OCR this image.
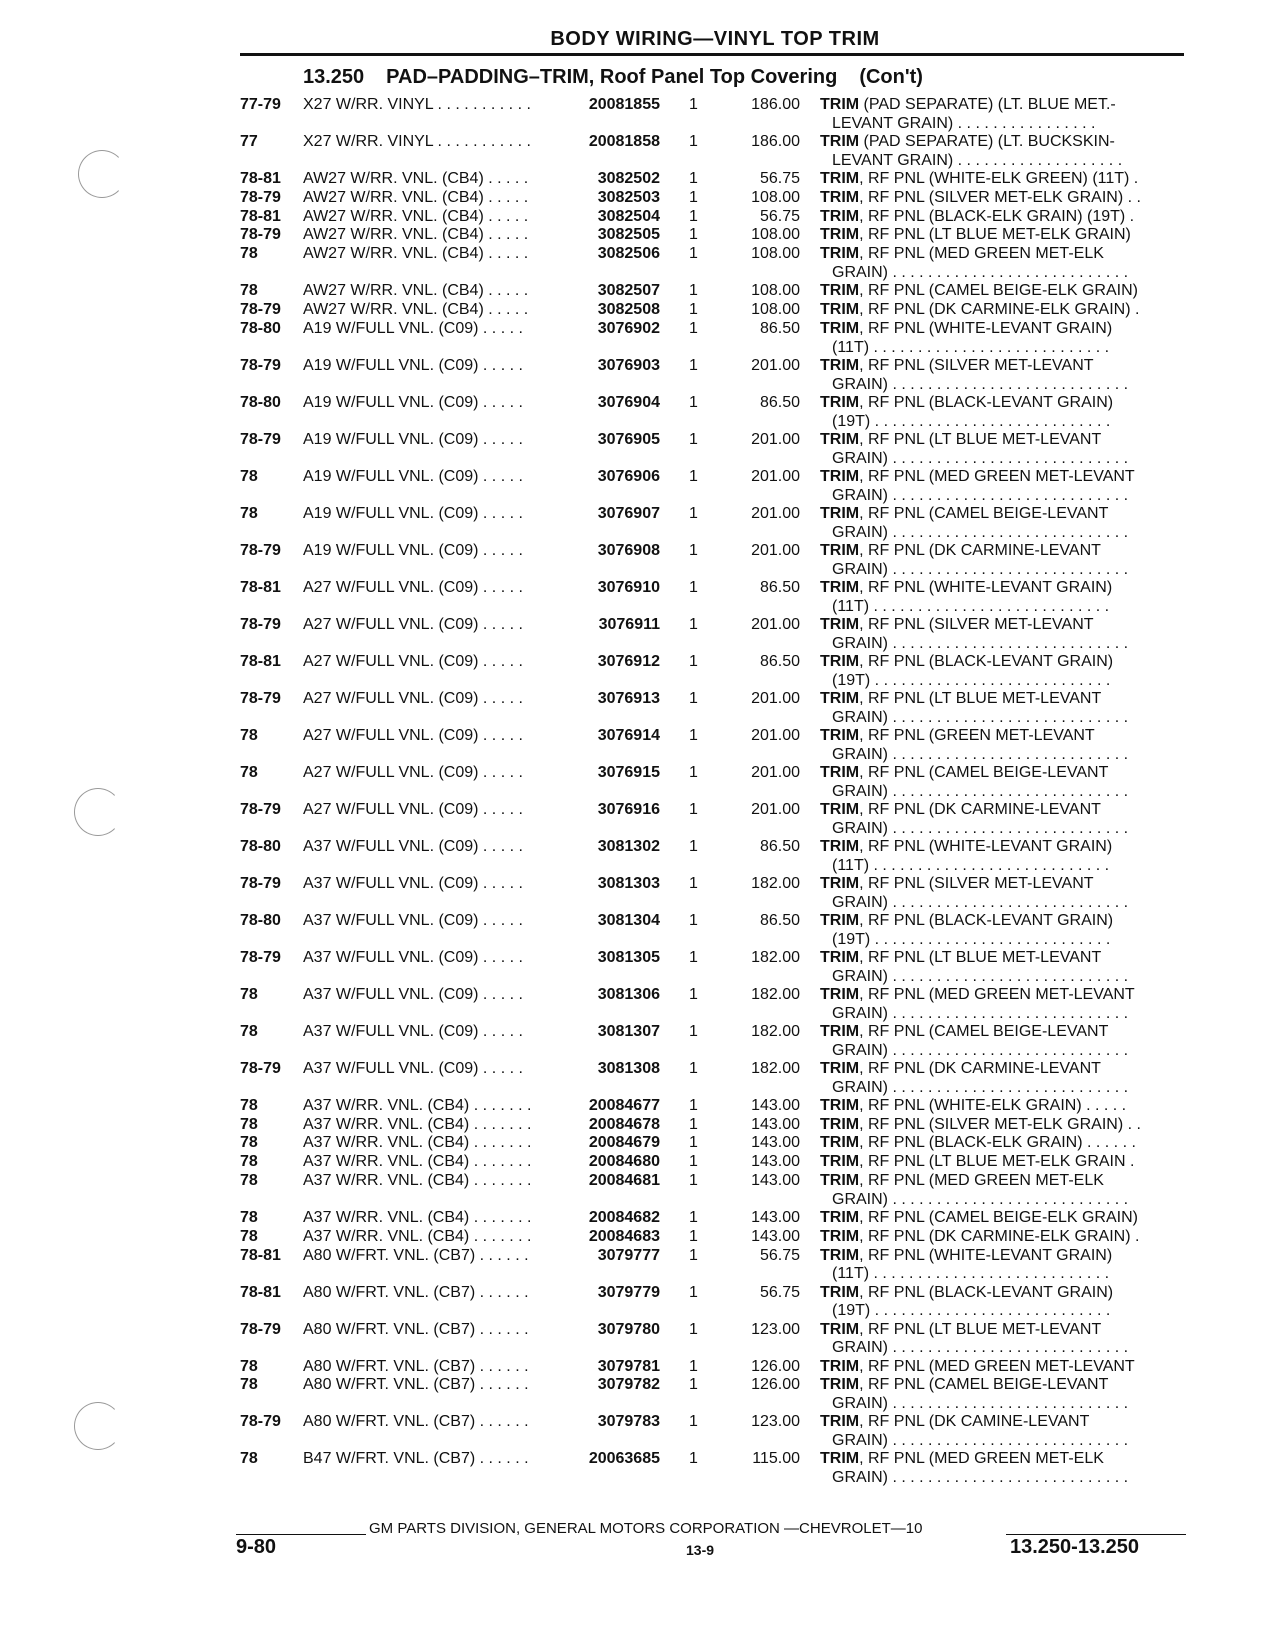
BODY WIRING—VINYL TOP TRIM
13.250 PAD–PADDING–TRIM, Roof Panel Top Covering (Con't)
77-79 X27 W/RR. VINYL . . . . . . . . . . .	20081855 1	186.00 TRIM (PAD SEPARATE) (LT. BLUE MET.-
LEVANT GRAIN) . . . . . . . . . . . . . . . .
77	X27 W/RR. VINYL . . . . . . . . . . .	20081858 1	186.00 TRIM (PAD SEPARATE) (LT. BUCKSKIN-
LEVANT GRAIN) . . . . . . . . . . . . . . . . . . .
78-81 AW27 W/RR. VNL. (CB4) . . . . .	3082502 1	56.75 TRIM, RF PNL (WHITE-ELK GREEN) (11T) .
78-79 AW27 W/RR. VNL. (CB4) . . . . .	3082503 1	108.00 TRIM, RF PNL (SILVER MET-ELK GRAIN) . .
78-81 AW27 W/RR. VNL. (CB4) . . . . .	3082504 1	56.75 TRIM, RF PNL (BLACK-ELK GRAIN) (19T) .
78-79 AW27 W/RR. VNL. (CB4) . . . . .	3082505 1	108.00 TRIM, RF PNL (LT BLUE MET-ELK GRAIN)
78	AW27 W/RR. VNL. (CB4) . . . . .	3082506 1	108.00 TRIM, RF PNL (MED GREEN MET-ELK
GRAIN) . . . . . . . . . . . . . . . . . . . . . . . . . . .
78	AW27 W/RR. VNL. (CB4) . . . . .	3082507 1	108.00 TRIM, RF PNL (CAMEL BEIGE-ELK GRAIN)
78-79 AW27 W/RR. VNL. (CB4) . . . . .	3082508 1	108.00 TRIM, RF PNL (DK CARMINE-ELK GRAIN) .
78-80 A19 W/FULL VNL. (C09) . . . . .	3076902 1	86.50 TRIM, RF PNL (WHITE-LEVANT GRAIN)
(11T) . . . . . . . . . . . . . . . . . . . . . . . . . . .
78-79 A19 W/FULL VNL. (C09) . . . . .	3076903 1	201.00 TRIM, RF PNL (SILVER MET-LEVANT
GRAIN) . . . . . . . . . . . . . . . . . . . . . . . . . . .
78-80 A19 W/FULL VNL. (C09) . . . . .	3076904 1	86.50 TRIM, RF PNL (BLACK-LEVANT GRAIN)
(19T) . . . . . . . . . . . . . . . . . . . . . . . . . . .
78-79 A19 W/FULL VNL. (C09) . . . . .	3076905 1	201.00 TRIM, RF PNL (LT BLUE MET-LEVANT
GRAIN) . . . . . . . . . . . . . . . . . . . . . . . . . . .
78	A19 W/FULL VNL. (C09) . . . . .	3076906 1	201.00 TRIM, RF PNL (MED GREEN MET-LEVANT
GRAIN) . . . . . . . . . . . . . . . . . . . . . . . . . . .
78	A19 W/FULL VNL. (C09) . . . . .	3076907 1	201.00 TRIM, RF PNL (CAMEL BEIGE-LEVANT
GRAIN) . . . . . . . . . . . . . . . . . . . . . . . . . . .
78-79 A19 W/FULL VNL. (C09) . . . . .	3076908 1	201.00 TRIM, RF PNL (DK CARMINE-LEVANT
GRAIN) . . . . . . . . . . . . . . . . . . . . . . . . . . .
78-81 A27 W/FULL VNL. (C09) . . . . .	3076910 1	86.50 TRIM, RF PNL (WHITE-LEVANT GRAIN)
(11T) . . . . . . . . . . . . . . . . . . . . . . . . . . .
78-79 A27 W/FULL VNL. (C09) . . . . .	3076911 1	201.00 TRIM, RF PNL (SILVER MET-LEVANT
GRAIN) . . . . . . . . . . . . . . . . . . . . . . . . . . .
78-81 A27 W/FULL VNL. (C09) . . . . .	3076912 1	86.50 TRIM, RF PNL (BLACK-LEVANT GRAIN)
(19T) . . . . . . . . . . . . . . . . . . . . . . . . . . .
78-79 A27 W/FULL VNL. (C09) . . . . .	3076913 1	201.00 TRIM, RF PNL (LT BLUE MET-LEVANT
GRAIN) . . . . . . . . . . . . . . . . . . . . . . . . . . .
78	A27 W/FULL VNL. (C09) . . . . .	3076914 1	201.00 TRIM, RF PNL (GREEN MET-LEVANT
GRAIN) . . . . . . . . . . . . . . . . . . . . . . . . . . .
78	A27 W/FULL VNL. (C09) . . . . .	3076915 1	201.00 TRIM, RF PNL (CAMEL BEIGE-LEVANT
GRAIN) . . . . . . . . . . . . . . . . . . . . . . . . . . .
78-79 A27 W/FULL VNL. (C09) . . . . .	3076916 1	201.00 TRIM, RF PNL (DK CARMINE-LEVANT
GRAIN) . . . . . . . . . . . . . . . . . . . . . . . . . . .
78-80 A37 W/FULL VNL. (C09) . . . . .	3081302 1	86.50 TRIM, RF PNL (WHITE-LEVANT GRAIN)
(11T) . . . . . . . . . . . . . . . . . . . . . . . . . . .
78-79 A37 W/FULL VNL. (C09) . . . . .	3081303 1	182.00 TRIM, RF PNL (SILVER MET-LEVANT
GRAIN) . . . . . . . . . . . . . . . . . . . . . . . . . . .
78-80 A37 W/FULL VNL. (C09) . . . . .	3081304 1	86.50 TRIM, RF PNL (BLACK-LEVANT GRAIN)
(19T) . . . . . . . . . . . . . . . . . . . . . . . . . . .
78-79 A37 W/FULL VNL. (C09) . . . . .	3081305 1	182.00 TRIM, RF PNL (LT BLUE MET-LEVANT
GRAIN) . . . . . . . . . . . . . . . . . . . . . . . . . . .
78	A37 W/FULL VNL. (C09) . . . . .	3081306 1	182.00 TRIM, RF PNL (MED GREEN MET-LEVANT
GRAIN) . . . . . . . . . . . . . . . . . . . . . . . . . . .
78	A37 W/FULL VNL. (C09) . . . . .	3081307 1	182.00 TRIM, RF PNL (CAMEL BEIGE-LEVANT
GRAIN) . . . . . . . . . . . . . . . . . . . . . . . . . . .
78-79 A37 W/FULL VNL. (C09) . . . . .	3081308 1	182.00 TRIM, RF PNL (DK CARMINE-LEVANT
GRAIN) . . . . . . . . . . . . . . . . . . . . . . . . . . .
78	A37 W/RR. VNL. (CB4) . . . . . . .	20084677 1	143.00 TRIM, RF PNL (WHITE-ELK GRAIN) . . . . .
78	A37 W/RR. VNL. (CB4) . . . . . . .	20084678 1	143.00 TRIM, RF PNL (SILVER MET-ELK GRAIN) . .
78	A37 W/RR. VNL. (CB4) . . . . . . .	20084679 1	143.00 TRIM, RF PNL (BLACK-ELK GRAIN) . . . . . .
78	A37 W/RR. VNL. (CB4) . . . . . . .	20084680 1	143.00 TRIM, RF PNL (LT BLUE MET-ELK GRAIN .
78	A37 W/RR. VNL. (CB4) . . . . . . .	20084681 1	143.00 TRIM, RF PNL (MED GREEN MET-ELK
GRAIN) . . . . . . . . . . . . . . . . . . . . . . . . . . .
78	A37 W/RR. VNL. (CB4) . . . . . . .	20084682 1	143.00 TRIM, RF PNL (CAMEL BEIGE-ELK GRAIN)
78	A37 W/RR. VNL. (CB4) . . . . . . .	20084683 1	143.00 TRIM, RF PNL (DK CARMINE-ELK GRAIN) .
78-81 A80 W/FRT. VNL. (CB7) . . . . . .	3079777 1	56.75 TRIM, RF PNL (WHITE-LEVANT GRAIN)
(11T) . . . . . . . . . . . . . . . . . . . . . . . . . . .
78-81 A80 W/FRT. VNL. (CB7) . . . . . .	3079779 1	56.75 TRIM, RF PNL (BLACK-LEVANT GRAIN)
(19T) . . . . . . . . . . . . . . . . . . . . . . . . . . .
78-79 A80 W/FRT. VNL. (CB7) . . . . . .	3079780 1	123.00 TRIM, RF PNL (LT BLUE MET-LEVANT
GRAIN) . . . . . . . . . . . . . . . . . . . . . . . . . . .
78	A80 W/FRT. VNL. (CB7) . . . . . .	3079781 1	126.00 TRIM, RF PNL (MED GREEN MET-LEVANT
78	A80 W/FRT. VNL. (CB7) . . . . . .	3079782 1	126.00 TRIM, RF PNL (CAMEL BEIGE-LEVANT
GRAIN) . . . . . . . . . . . . . . . . . . . . . . . . . . .
78-79 A80 W/FRT. VNL. (CB7) . . . . . .	3079783 1	123.00 TRIM, RF PNL (DK CAMINE-LEVANT
GRAIN) . . . . . . . . . . . . . . . . . . . . . . . . . . .
78	B47 W/FRT. VNL. (CB7) . . . . . .	20063685 1	115.00 TRIM, RF PNL (MED GREEN MET-ELK
GRAIN) . . . . . . . . . . . . . . . . . . . . . . . . . . .
GM PARTS DIVISION, GENERAL MOTORS CORPORATION —CHEVROLET—10
9-80	13-9	13.250-13.250
